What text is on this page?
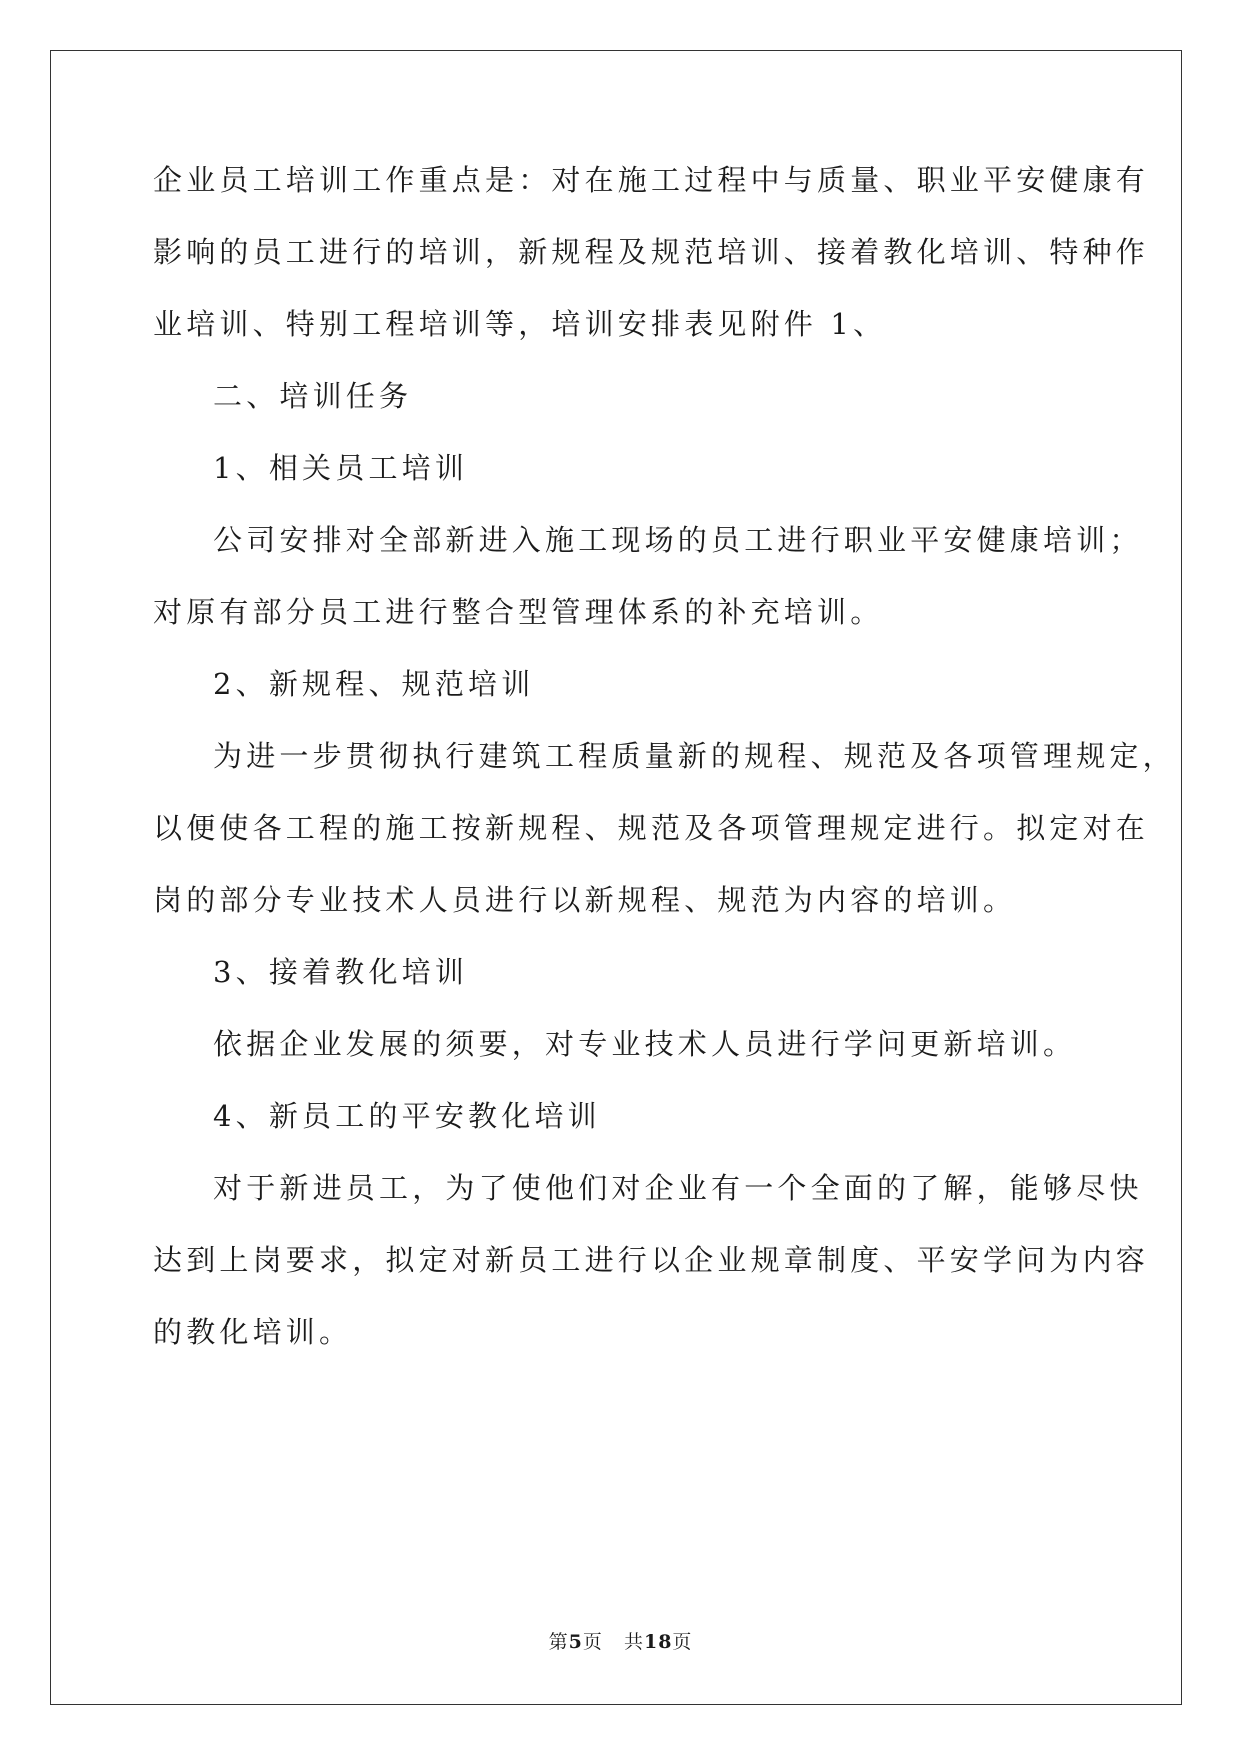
企业员工培训工作重点是：对在施工过程中与质量、职业平安健康有
影响的员工进行的培训，新规程及规范培训、接着教化培训、特种作
业培训、特别工程培训等，培训安排表见附件 1、
二、培训任务
1、相关员工培训
公司安排对全部新进入施工现场的员工进行职业平安健康培训；
对原有部分员工进行整合型管理体系的补充培训。
2、新规程、规范培训
为进一步贯彻执行建筑工程质量新的规程、规范及各项管理规定，
以便使各工程的施工按新规程、规范及各项管理规定进行。拟定对在
岗的部分专业技术人员进行以新规程、规范为内容的培训。
3、接着教化培训
依据企业发展的须要，对专业技术人员进行学问更新培训。
4、新员工的平安教化培训
对于新进员工，为了使他们对企业有一个全面的了解，能够尽快
达到上岗要求，拟定对新员工进行以企业规章制度、平安学问为内容
的教化培训。
第5页 共18页
